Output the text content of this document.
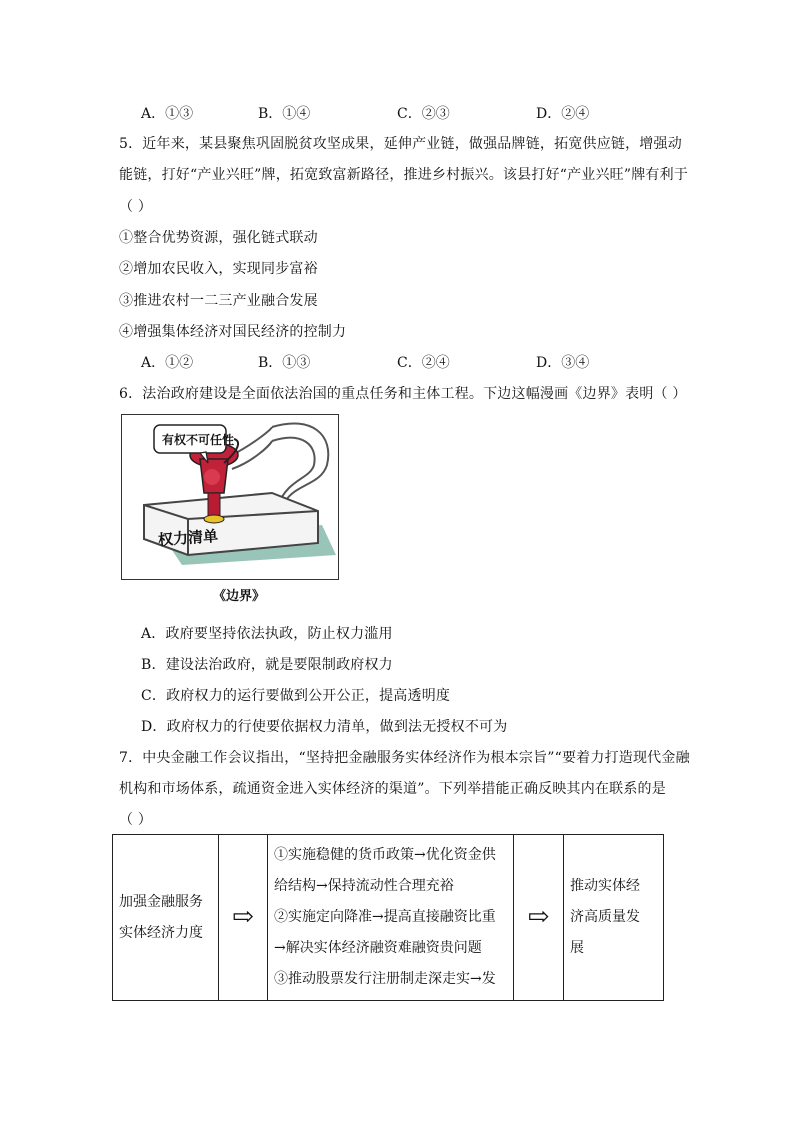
A．①③	B．①④	C．②③	D．②④
5．近年来，某县聚焦巩固脱贫攻坚成果，延伸产业链，做强品牌链，拓宽供应链，增强动
能链，打好“产业兴旺”牌，拓宽致富新路径，推进乡村振兴。该县打好“产业兴旺”牌有利于
（ ）
①整合优势资源，强化链式联动
②增加农民收入，实现同步富裕
③推进农村一二三产业融合发展
④增强集体经济对国民经济的控制力
A．①②	B．①③	C．②④	D．③④
6．法治政府建设是全面依法治国的重点任务和主体工程。下边这幅漫画《边界》表明（ ）
有权不可任性
权力清单
《边界》
A．政府要坚持依法执政，防止权力滥用
B．建设法治政府，就是要限制政府权力
C．政府权力的运行要做到公开公正，提高透明度
D．政府权力的行使要依据权力清单，做到法无授权不可为
7．中央金融工作会议指出，“坚持把金融服务实体经济作为根本宗旨”“要着力打造现代金融
机构和市场体系，疏通资金进入实体经济的渠道”。下列举措能正确反映其内在联系的是
（ ）
加强金融服务
实体经济力度
	⇨	
①实施稳健的货币政策→优化资金供
给结构→保持流动性合理充裕
②实施定向降准→提高直接融资比重
→解决实体经济融资难融资贵问题
③推动股票发行注册制走深走实→发
	⇨	
推动实体经
济高质量发
展
